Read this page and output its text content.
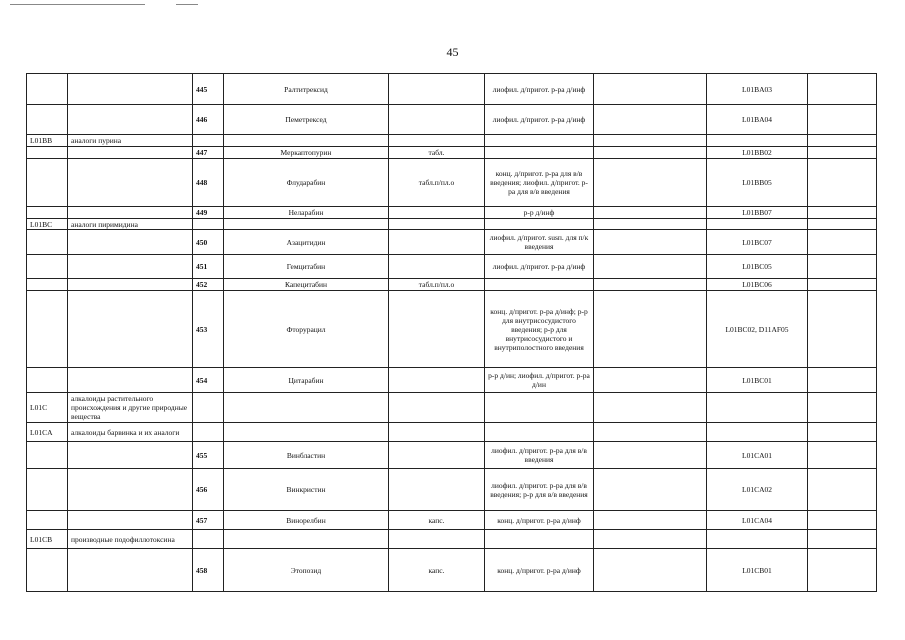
45
		445	Ралтитрексид		лиофил. д/пригот. р-ра д/инф		L01BA03	
		446	Пеметрексед		лиофил. д/пригот. р-ра д/инф		L01BA04	
L01BB	аналоги пурина							
		447	Меркаптопурин	табл.			L01BB02	
		448	Флударабин	табл.п/пл.о	конц. д/пригот. р-ра для в/в введения; лиофил. д/пригот. р-ра для в/в введения		L01BB05	
		449	Неларабин		р-р д/инф		L01BB07	
L01BC	аналоги пиримидина							
		450	Азацитидин		лиофил. д/пригот. susп. для п/к введения		L01BC07	
		451	Гемцитабин		лиофил. д/пригот. р-ра д/инф		L01BC05	
		452	Капецитабин	табл.п/пл.о			L01BC06	
		453	Фторурацил		конц. д/пригот. р-ра д/инф; р-р для внутрисосудистого введения; р-р для внутрисосудистого и внутриполостного введения		L01BC02, D11AF05	
		454	Цитарабин		р-р д/ин; лиофил. д/пригот. р-ра д/ин		L01BC01	
L01C	алкалоиды растительного происхождения и другие природные вещества							
L01CA	алкалоиды барвинка и их аналоги							
		455	Винбластин		лиофил. д/пригот. р-ра для в/в введения		L01CA01	
		456	Винкристин		лиофил. д/пригот. р-ра для в/в введения; р-р для в/в введения		L01CA02	
		457	Винорелбин	капс.	конц. д/пригот. р-ра д/инф		L01CA04	
L01CB	производные подофиллотоксина							
		458	Этопозид	капс.	конц. д/пригот. р-ра д/инф		L01CB01	
